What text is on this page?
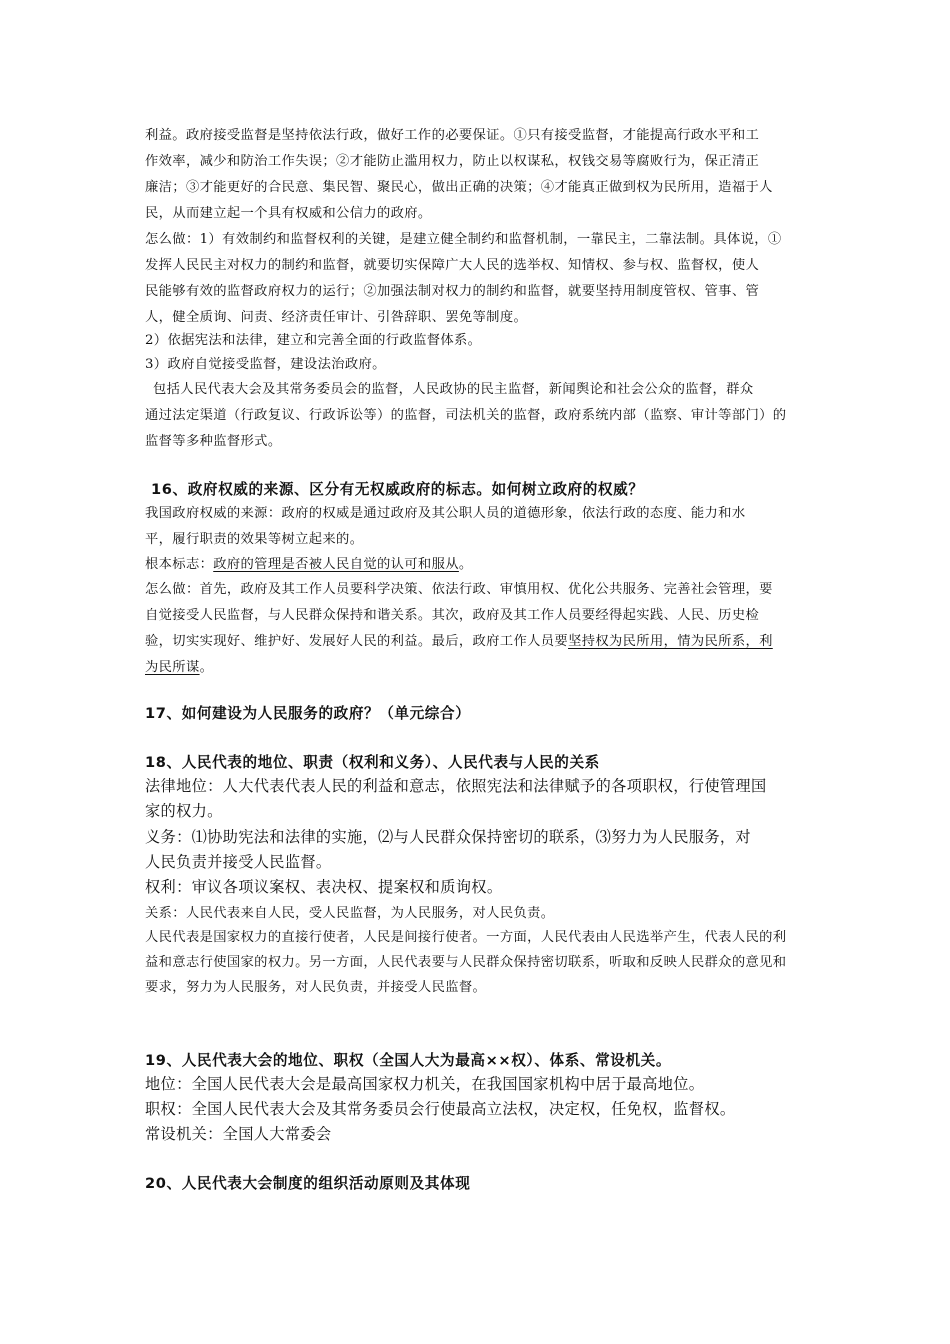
利益。政府接受监督是坚持依法行政，做好工作的必要保证。①只有接受监督，才能提高行政水平和工
作效率，减少和防治工作失误；②才能防止滥用权力，防止以权谋私，权钱交易等腐败行为，保正清正
廉洁；③才能更好的合民意、集民智、聚民心，做出正确的决策；④才能真正做到权为民所用，造福于人
民，从而建立起一个具有权威和公信力的政府。
怎么做：1）有效制约和监督权利的关键，是建立健全制约和监督机制，一靠民主，二靠法制。具体说，①
发挥人民民主对权力的制约和监督，就要切实保障广大人民的选举权、知情权、参与权、监督权，使人
民能够有效的监督政府权力的运行；②加强法制对权力的制约和监督，就要坚持用制度管权、管事、管
人，健全质询、问责、经济责任审计、引咎辞职、罢免等制度。
2）依据宪法和法律，建立和完善全面的行政监督体系。
3）政府自觉接受监督，建设法治政府。
包括人民代表大会及其常务委员会的监督，人民政协的民主监督，新闻舆论和社会公众的监督，群众
通过法定渠道（行政复议、行政诉讼等）的监督，司法机关的监督，政府系统内部（监察、审计等部门）的
监督等多种监督形式。
16、政府权威的来源、区分有无权威政府的标志。如何树立政府的权威？
我国政府权威的来源：政府的权威是通过政府及其公职人员的道德形象，依法行政的态度、能力和水
平，履行职责的效果等树立起来的。
根本标志：政府的管理是否被人民自觉的认可和服从。
怎么做：首先，政府及其工作人员要科学决策、依法行政、审慎用权、优化公共服务、完善社会管理，要
自觉接受人民监督，与人民群众保持和谐关系。其次，政府及其工作人员要经得起实践、人民、历史检
验，切实实现好、维护好、发展好人民的利益。最后，政府工作人员要坚持权为民所用，情为民所系，利
为民所谋。
17、如何建设为人民服务的政府？（单元综合）
18、人民代表的地位、职责（权利和义务）、人民代表与人民的关系
法律地位：人大代表代表人民的利益和意志，依照宪法和法律赋予的各项职权，行使管理国
家的权力。
义务：⑴协助宪法和法律的实施，⑵与人民群众保持密切的联系，⑶努力为人民服务，对
人民负责并接受人民监督。
权利：审议各项议案权、表决权、提案权和质询权。
关系：人民代表来自人民，受人民监督，为人民服务，对人民负责。
人民代表是国家权力的直接行使者，人民是间接行使者。一方面，人民代表由人民选举产生，代表人民的利
益和意志行使国家的权力。另一方面，人民代表要与人民群众保持密切联系，听取和反映人民群众的意见和
要求，努力为人民服务，对人民负责，并接受人民监督。
19、人民代表大会的地位、职权（全国人大为最高××权）、体系、常设机关。
地位：全国人民代表大会是最高国家权力机关，在我国国家机构中居于最高地位。
职权：全国人民代表大会及其常务委员会行使最高立法权，决定权，任免权，监督权。
常设机关：全国人大常委会
20、人民代表大会制度的组织活动原则及其体现
